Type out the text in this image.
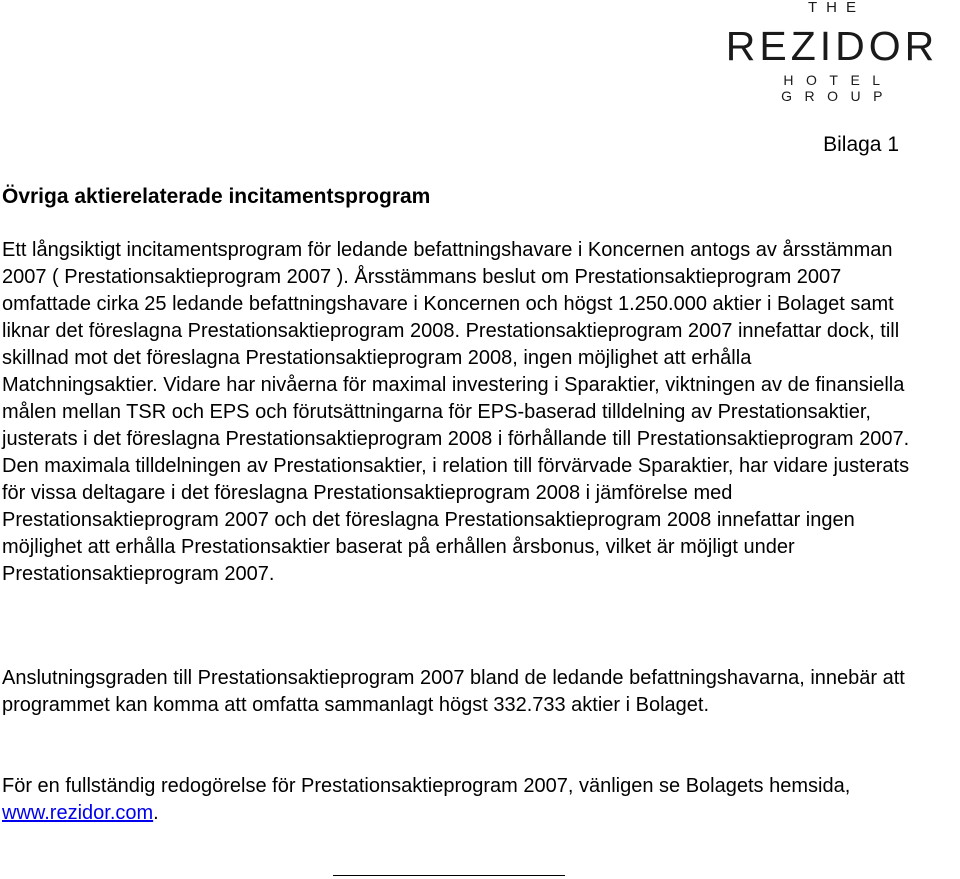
THE
REZIDOR
HOTEL GROUP
Bilaga 1
Övriga aktierelaterade incitamentsprogram

Ett långsiktigt incitamentsprogram för ledande befattningshavare i Koncernen antogs av årsstämman 2007 ( Prestationsaktieprogram 2007 ). Årsstämmans beslut om Prestationsaktieprogram 2007 omfattade cirka 25 ledande befattningshavare i Koncernen och högst 1.250.000 aktier i Bolaget samt liknar det föreslagna Prestationsaktieprogram 2008. Prestationsaktieprogram 2007 innefattar dock, till skillnad mot det föreslagna Prestationsaktieprogram 2008, ingen möjlighet att erhålla Matchningsaktier. Vidare har nivåerna för maximal investering i Sparaktier, viktningen av de finansiella målen mellan TSR och EPS och förutsättningarna för EPS-baserad tilldelning av Prestationsaktier, justerats i det föreslagna Prestationsaktieprogram 2008 i förhållande till Prestationsaktieprogram 2007. Den maximala tilldelningen av Prestationsaktier, i relation till förvärvade Sparaktier, har vidare justerats för vissa deltagare i det föreslagna Prestationsaktieprogram 2008 i jämförelse med Prestationsaktieprogram 2007 och det föreslagna Prestationsaktieprogram 2008 innefattar ingen möjlighet att erhålla Prestationsaktier baserat på erhållen årsbonus, vilket är möjligt under Prestationsaktieprogram 2007.

Anslutningsgraden till Prestationsaktieprogram 2007 bland de ledande befattningshavarna, innebär att programmet kan komma att omfatta sammanlagt högst 332.733 aktier i Bolaget.

För en fullständig redogörelse för Prestationsaktieprogram 2007, vänligen se Bolagets hemsida, www.rezidor.com.
